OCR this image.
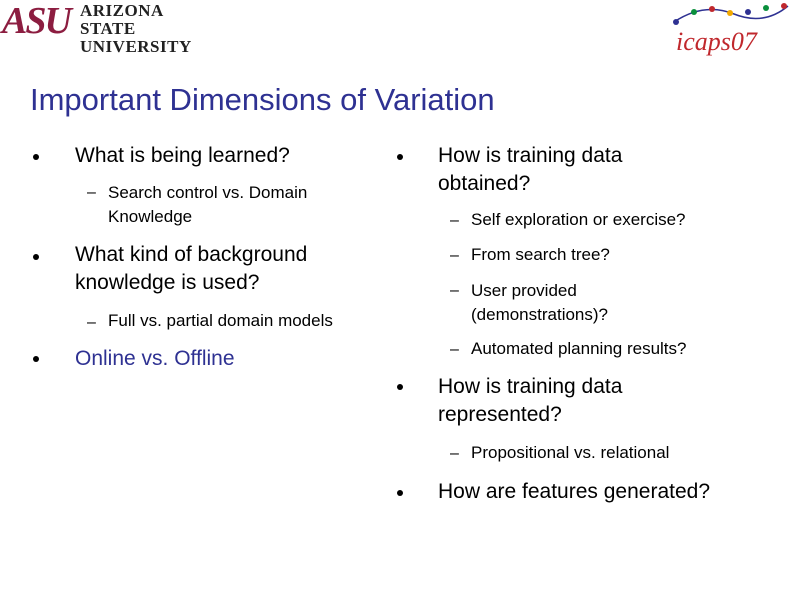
ASU ARIZONA STATE
UNIVERSITY	icaps07
Important Dimensions of Variation
What is being learned?
– Search control vs. Domain Knowledge
What kind of background knowledge is used?
– Full vs. partial domain models
Online vs. Offline
How is training data obtained?
– Self exploration or exercise?
– From search tree?
– User provided (demonstrations)?
– Automated planning results?
How is training data represented?
– Propositional vs. relational
How are features generated?
